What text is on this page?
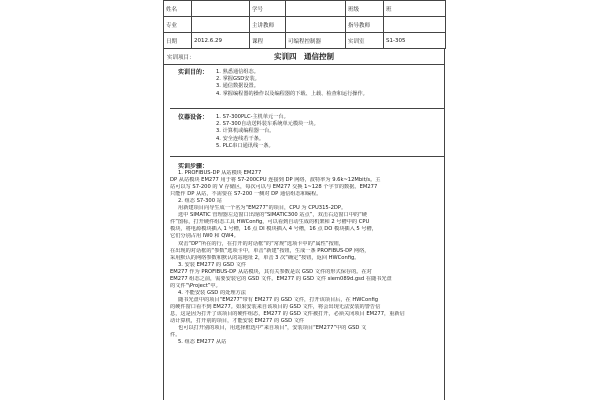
姓名		学号		班级	班
专业		主讲教师		指导教师	
日期	2012.6.29	课程	可编程控制器	实训室	S1-305
实训项目：	实训四　通信控制
实训目的： 1. 熟悉通信组态。
2. 掌握GSD安装。
3. 通信数据设置。
4. 掌握编程器的操作以及编程器的下载、上载、检查和运行操作。
仪器设备： 1. S7-300PLC-主机单元一台。
2. S7-300自动送料装车系统单元模块一块。
3. 计算机或编程器一台。
4. 安全连线若干条。
5. PLC串口通讯线一条。

实训步骤：

1. PROFIBUS-DP 从站模块 EM277

DP 从站模块 EM277 用于将 S7-200CPU 连接到 DP 网络，波特率为 9.6k~12Mbit/s。主

站可以写 S7-200 的 V 存储区，每次可以与 EM277 交换 1~128 个字节的数据。EM277

只能作 DP 从站，不需要在 S7-200 一侧对 DP 通信组态和编程。

2. 组态 S7-300 站

用新建项目向导生成一个名为“EM277”的项目，CPU 为 CPU315-2DP。

选中 SIMATIC 管理器左边窗口出现的“SIMATIC300 站点”，双击右边窗口中的“硬

件”图标，打开硬件组态工具 HWConfig，可以看到自动生成的机架和 2 号槽中的 CPU

模块，将电源模块插入 1 号槽，16 点 DI 模块插入 4 号槽，16 点 DO 模块插入 5 号槽，

它们分别占用 IW0 和 QW4。

双击“DP”所在的行，在打开的对话框“的“常规”选项卡中的“属性”按钮，

在出现的对话框的“参数”选项卡中，单击“新建”按钮，生成一条 PROFIBUS-DP 网络，

采用默认的网络参数和默认的站地址 2，单击 3 次“确定”按钮，返回 HWConfig。

3. 安装 EM277 的 GSD 文件

EM277 作为 PROFIBUS-DP 从站模块，其有关参数是以 GSD 文件的形式保存的。在对

EM277 组态之前，需要安装它的 GSD 文件。EM277 的 GSD 文件 siem089d.gsd 在随书光盘

的文件“\Project”中。

4. 不能安装 GSD 的处理方法

随书光盘中的项目“EM277”带有 EM277 的 GSD 文件，打开该项目后，在 HWConfig

的硬件窗口看不到 EM277。如果安装来自该项目的 GSD 文件，将会出现无法安装的警告信

息，这是因为打开了该项目的硬件组态，EM277 的 GSD 文件被打开，必须关闭项目 EM277，重新启

动计算机，打开别的项目，才能安装 EM277 的 GSD 文件

也可以打开别的项目，用选择框选中“来自项目”，安装项目“EM277”中的 GSD 文

件。

5. 组态 EM277 从站
